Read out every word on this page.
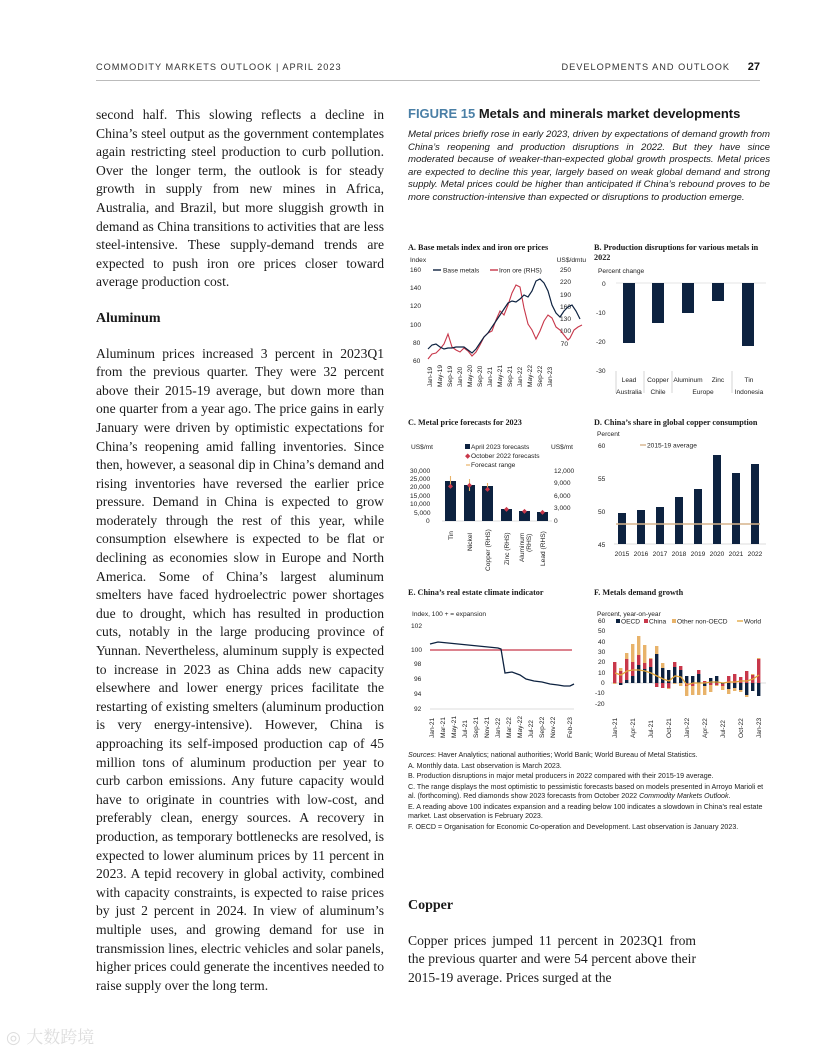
COMMODITY MARKETS OUTLOOK | APRIL 2023	DEVELOPMENTS AND OUTLOOK 27

second half. This slowing reflects a decline in China’s steel output as the government contemplates again restricting steel production to curb pollution. Over the longer term, the outlook is for steady growth in supply from new mines in Africa, Australia, and Brazil, but more sluggish growth in demand as China transitions to activities that are less steel-intensive. These supply-demand trends are expected to push iron ore prices closer toward average production cost.

Aluminum

Aluminum prices increased 3 percent in 2023Q1 from the previous quarter. They were 32 percent above their 2015-19 average, but down more than one quarter from a year ago. The price gains in early January were driven by optimistic expectations for China’s reopening amid falling inventories. Since then, however, a seasonal dip in China’s demand and rising inventories have reversed the earlier price pressure. Demand in China is expected to grow moderately through the rest of this year, while consumption elsewhere is expected to be flat or declining as economies slow in Europe and North America. Some of China’s largest aluminum smelters have faced hydroelectric power shortages due to drought, which has resulted in production cuts, notably in the large producing province of Yunnan. Nevertheless, aluminum supply is expected to increase in 2023 as China adds new capacity elsewhere and lower energy prices facilitate the restarting of existing smelters (aluminum production is very energy-intensive). However, China is approaching its self-imposed production cap of 45 million tons of aluminum production per year to curb carbon emissions. Any future capacity would have to originate in countries with low-cost, and preferably clean, energy sources. A recovery in production, as temporary bottlenecks are resolved, is expected to lower aluminum prices by 11 percent in 2023. A tepid recovery in global activity, combined with capacity constraints, is expected to raise prices by just 2 percent in 2024. In view of aluminum’s multiple uses, and growing demand for use in transmission lines, electric vehicles and solar panels, higher prices could generate the incentives needed to raise supply over the long term.

FIGURE 15 Metals and minerals market developments

Metal prices briefly rose in early 2023, driven by expectations of demand growth from China’s reopening and production disruptions in 2022. But they have since moderated because of weaker-than-expected global growth prospects. Metal prices are expected to decline this year, largely based on weak global demand and strong supply. Metal prices could be higher than anticipated if China’s rebound proves to be more construction-intensive than expected or disruptions to production emerge.
A. Base metals index and iron ore prices
Index	US$/dmtu
Base metals	Iron ore (RHS)
160
140
120
100
80
60
250
220
190
160
130
100
70
Jan-19 May-19 Sep-19 Jan-20 May-20 Sep-20 Jan-21 May-21 Sep-21 Jan-22 May-22 Sep-22 Jan-23
B. Production disruptions for various metals in 2022
Percent change
0
-10
-20
-30
Lead
Australia
Copper
Chile
Aluminum Zinc
Europe
Tin
Indonesia
C. Metal price forecasts for 2023
US$/mt	US$/mt
April 2023 forecasts
◆ October 2022 forecasts
Forecast range
30,000
25,000
20,000
15,000
10,000
5,000
0
12,000
9,000
6,000
3,000
0
◆ ◆
◆
◆ ◆ ◆
Tin Nickel Copper (RHS) Zinc (RHS) Aluminum (RHS) Lead (RHS)
D. China’s share in global copper consumption
Percent
2015-19 average
60
55
50
45
2015 2016 2017 2018 2019 2020 2021 2022
E. China’s real estate climate indicator
Index, 100 + = expansion
102
100
98
96
94
92
Jan-21 Mar-21 May-21 Jul-21 Sep-21 Nov-21 Jan-22 Mar-22 May-22 Jul-22 Sep-22 Nov-22 Feb-23
F. Metals demand growth
Percent, year-on-year
OECD China Other non-OECD World
60
50
40
30
20
10
0
-10
-20
Jan-21 Apr-21 Jul-21 Oct-21 Jan-22 Apr-22 Jul-22 Oct-22 Jan-23

Sources: Haver Analytics; national authorities; World Bank; World Bureau of Metal Statistics.

A. Monthly data. Last observation is March 2023.

B. Production disruptions in major metal producers in 2022 compared with their 2015-19 average.

C. The range displays the most optimistic to pessimistic forecasts based on models presented in Arroyo Marioli et al. (forthcoming). Red diamonds show 2023 forecasts from October 2022 Commodity Markets Outlook.

E. A reading above 100 indicates expansion and a reading below 100 indicates a slowdown in China’s real estate market. Last observation is February 2023.

F. OECD = Organisation for Economic Co-operation and Development. Last observation is January 2023.

Copper

Copper prices jumped 11 percent in 2023Q1 from the previous quarter and were 54 percent above their 2015-19 average. Prices surged at the

◎ 大数跨境
